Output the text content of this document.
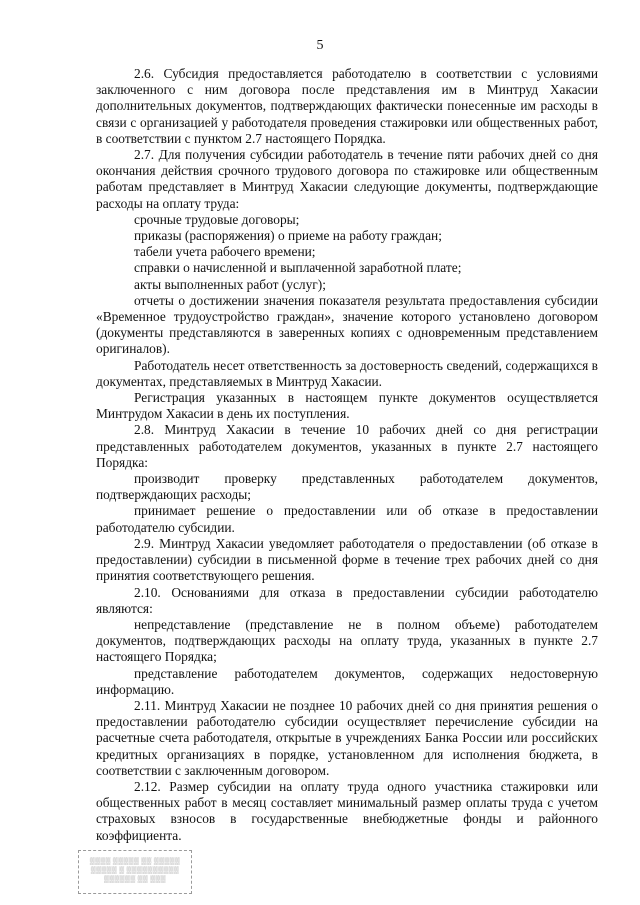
5

2.6. Субсидия предоставляется работодателю в соответствии с условиями заключенного с ним договора после представления им в Минтруд Хакасии дополнительных документов, подтверждающих фактически понесенные им расходы в связи с организацией у работодателя проведения стажировки или общественных работ, в соответствии с пунктом 2.7 настоящего Порядка.

2.7. Для получения субсидии работодатель в течение пяти рабочих дней со дня окончания действия срочного трудового договора по стажировке или общественным работам представляет в Минтруд Хакасии следующие документы, подтверждающие расходы на оплату труда:

срочные трудовые договоры;

приказы (распоряжения) о приеме на работу граждан;

табели учета рабочего времени;

справки о начисленной и выплаченной заработной плате;

акты выполненных работ (услуг);

отчеты о достижении значения показателя результата предоставления субсидии «Временное трудоустройство граждан», значение которого установлено договором (документы представляются в заверенных копиях с одновременным представлением оригиналов).

Работодатель несет ответственность за достоверность сведений, содержащихся в документах, представляемых в Минтруд Хакасии.

Регистрация указанных в настоящем пункте документов осуществляется Минтрудом Хакасии в день их поступления.

2.8. Минтруд Хакасии в течение 10 рабочих дней со дня регистрации представленных работодателем документов, указанных в пункте 2.7 настоящего Порядка:

производит проверку представленных работодателем документов, подтверждающих расходы;

принимает решение о предоставлении или об отказе в предоставлении работодателю субсидии.

2.9. Минтруд Хакасии уведомляет работодателя о предоставлении (об отказе в предоставлении) субсидии в письменной форме в течение трех рабочих дней со дня принятия соответствующего решения.

2.10. Основаниями для отказа в предоставлении субсидии работодателю являются:

непредставление (представление не в полном объеме) работодателем документов, подтверждающих расходы на оплату труда, указанных в пункте 2.7 настоящего Порядка;

представление работодателем документов, содержащих недостоверную информацию.

2.11. Минтруд Хакасии не позднее 10 рабочих дней со дня принятия решения о предоставлении работодателю субсидии осуществляет перечисление субсидии на расчетные счета работодателя, открытые в учреждениях Банка России или российских кредитных организациях в порядке, установленном для исполнения бюджета, в соответствии с заключенным договором.

2.12. Размер субсидии на оплату труда одного участника стажировки или общественных работ в месяц составляет минимальный размер оплаты труда с учетом страховых взносов в государственные внебюджетные фонды и районного коэффициента.

▒▒▒▒ ▒▒▒▒▒ ▒▒ ▒▒▒▒▒
▒▒▒▒▒ ▒ ▒▒▒▒▒▒▒▒▒▒
▒▒▒▒▒▒ ▒▒ ▒▒▒
